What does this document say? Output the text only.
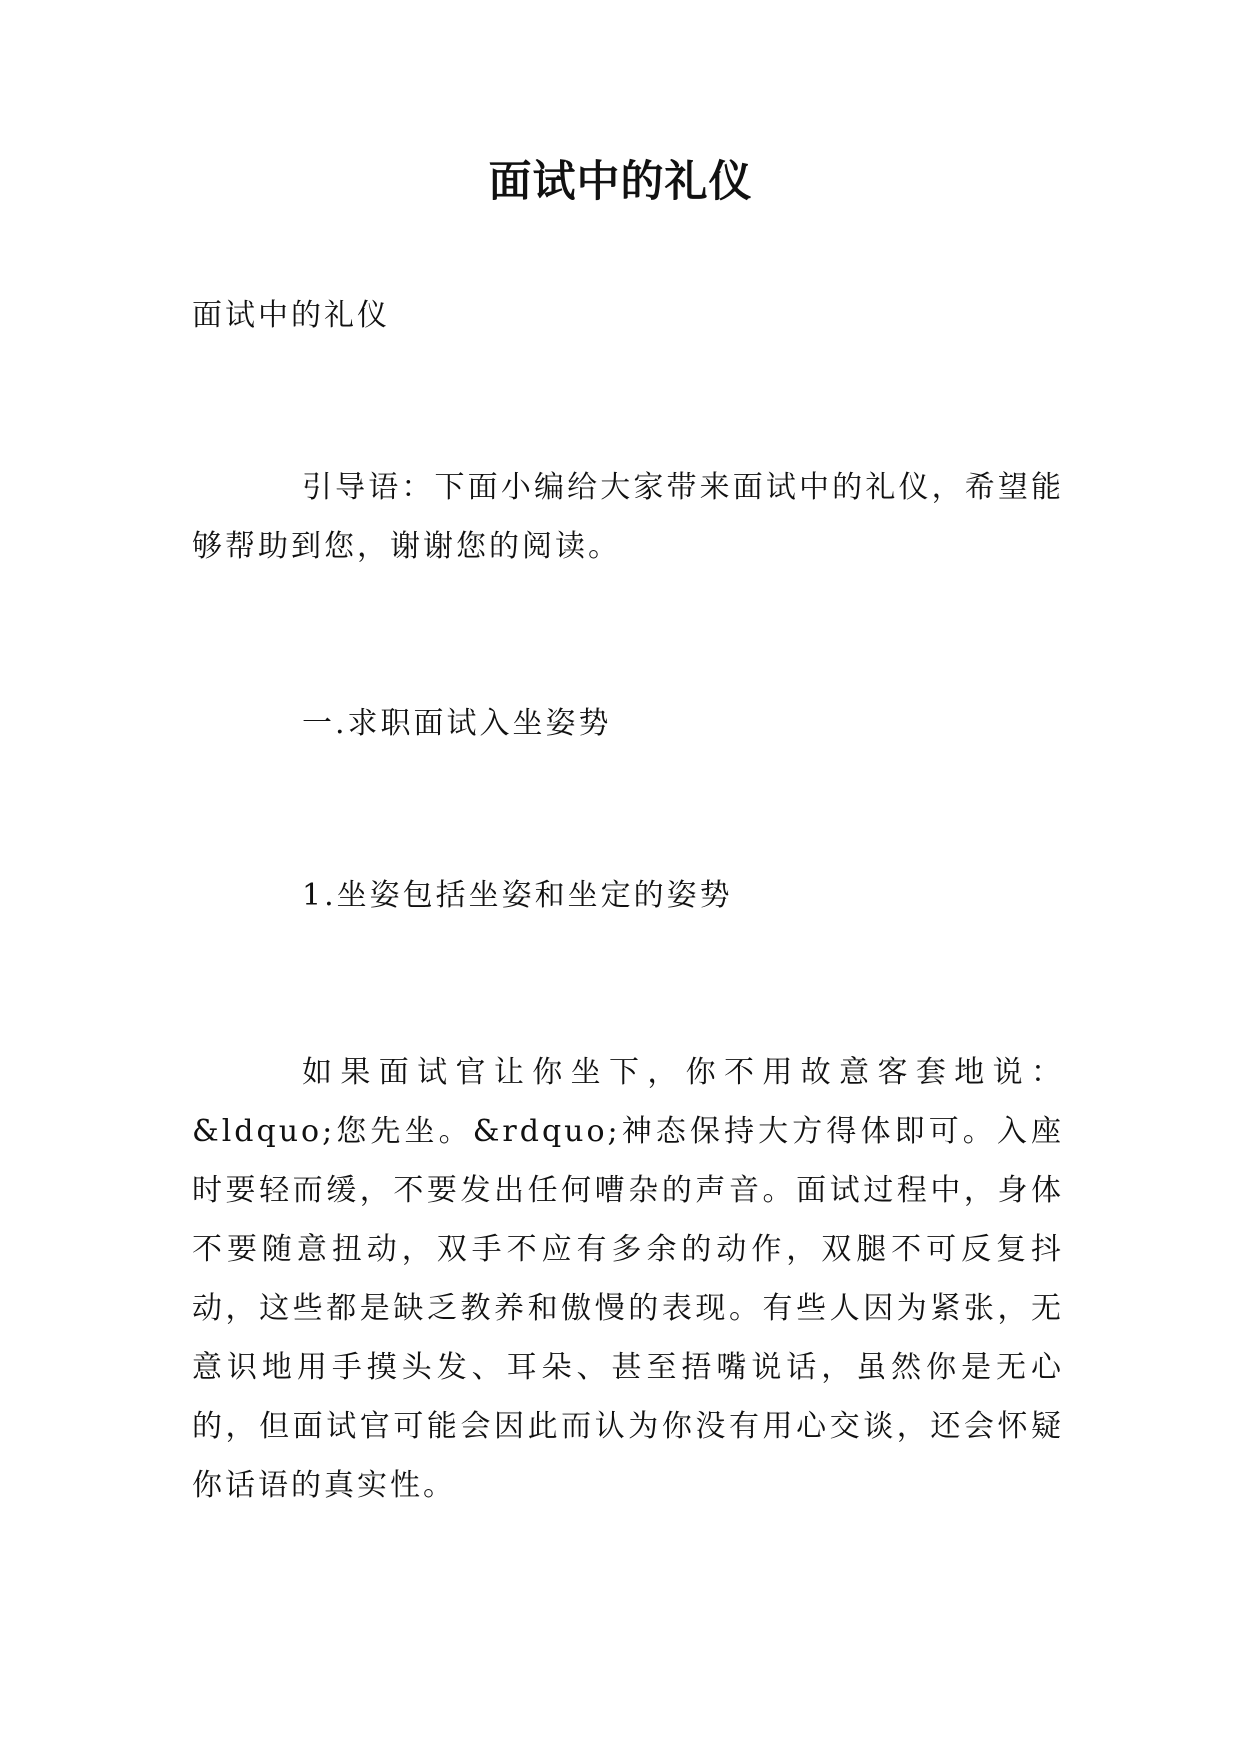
面试中的礼仪
面试中的礼仪

引导语：下面小编给大家带来面试中的礼仪，希望能够帮助到您，谢谢您的阅读。

一.求职面试入坐姿势
1.坐姿包括坐姿和坐定的姿势

如果面试官让你坐下，你不用故意客套地说：&ldquo;您先坐。&rdquo;神态保持大方得体即可。入座时要轻而缓，不要发出任何嘈杂的声音。面试过程中，身体不要随意扭动，双手不应有多余的动作，双腿不可反复抖动，这些都是缺乏教养和傲慢的表现。有些人因为紧张，无意识地用手摸头发、耳朵、甚至捂嘴说话，虽然你是无心的，但面试官可能会因此而认为你没有用心交谈，还会怀疑你话语的真实性。
